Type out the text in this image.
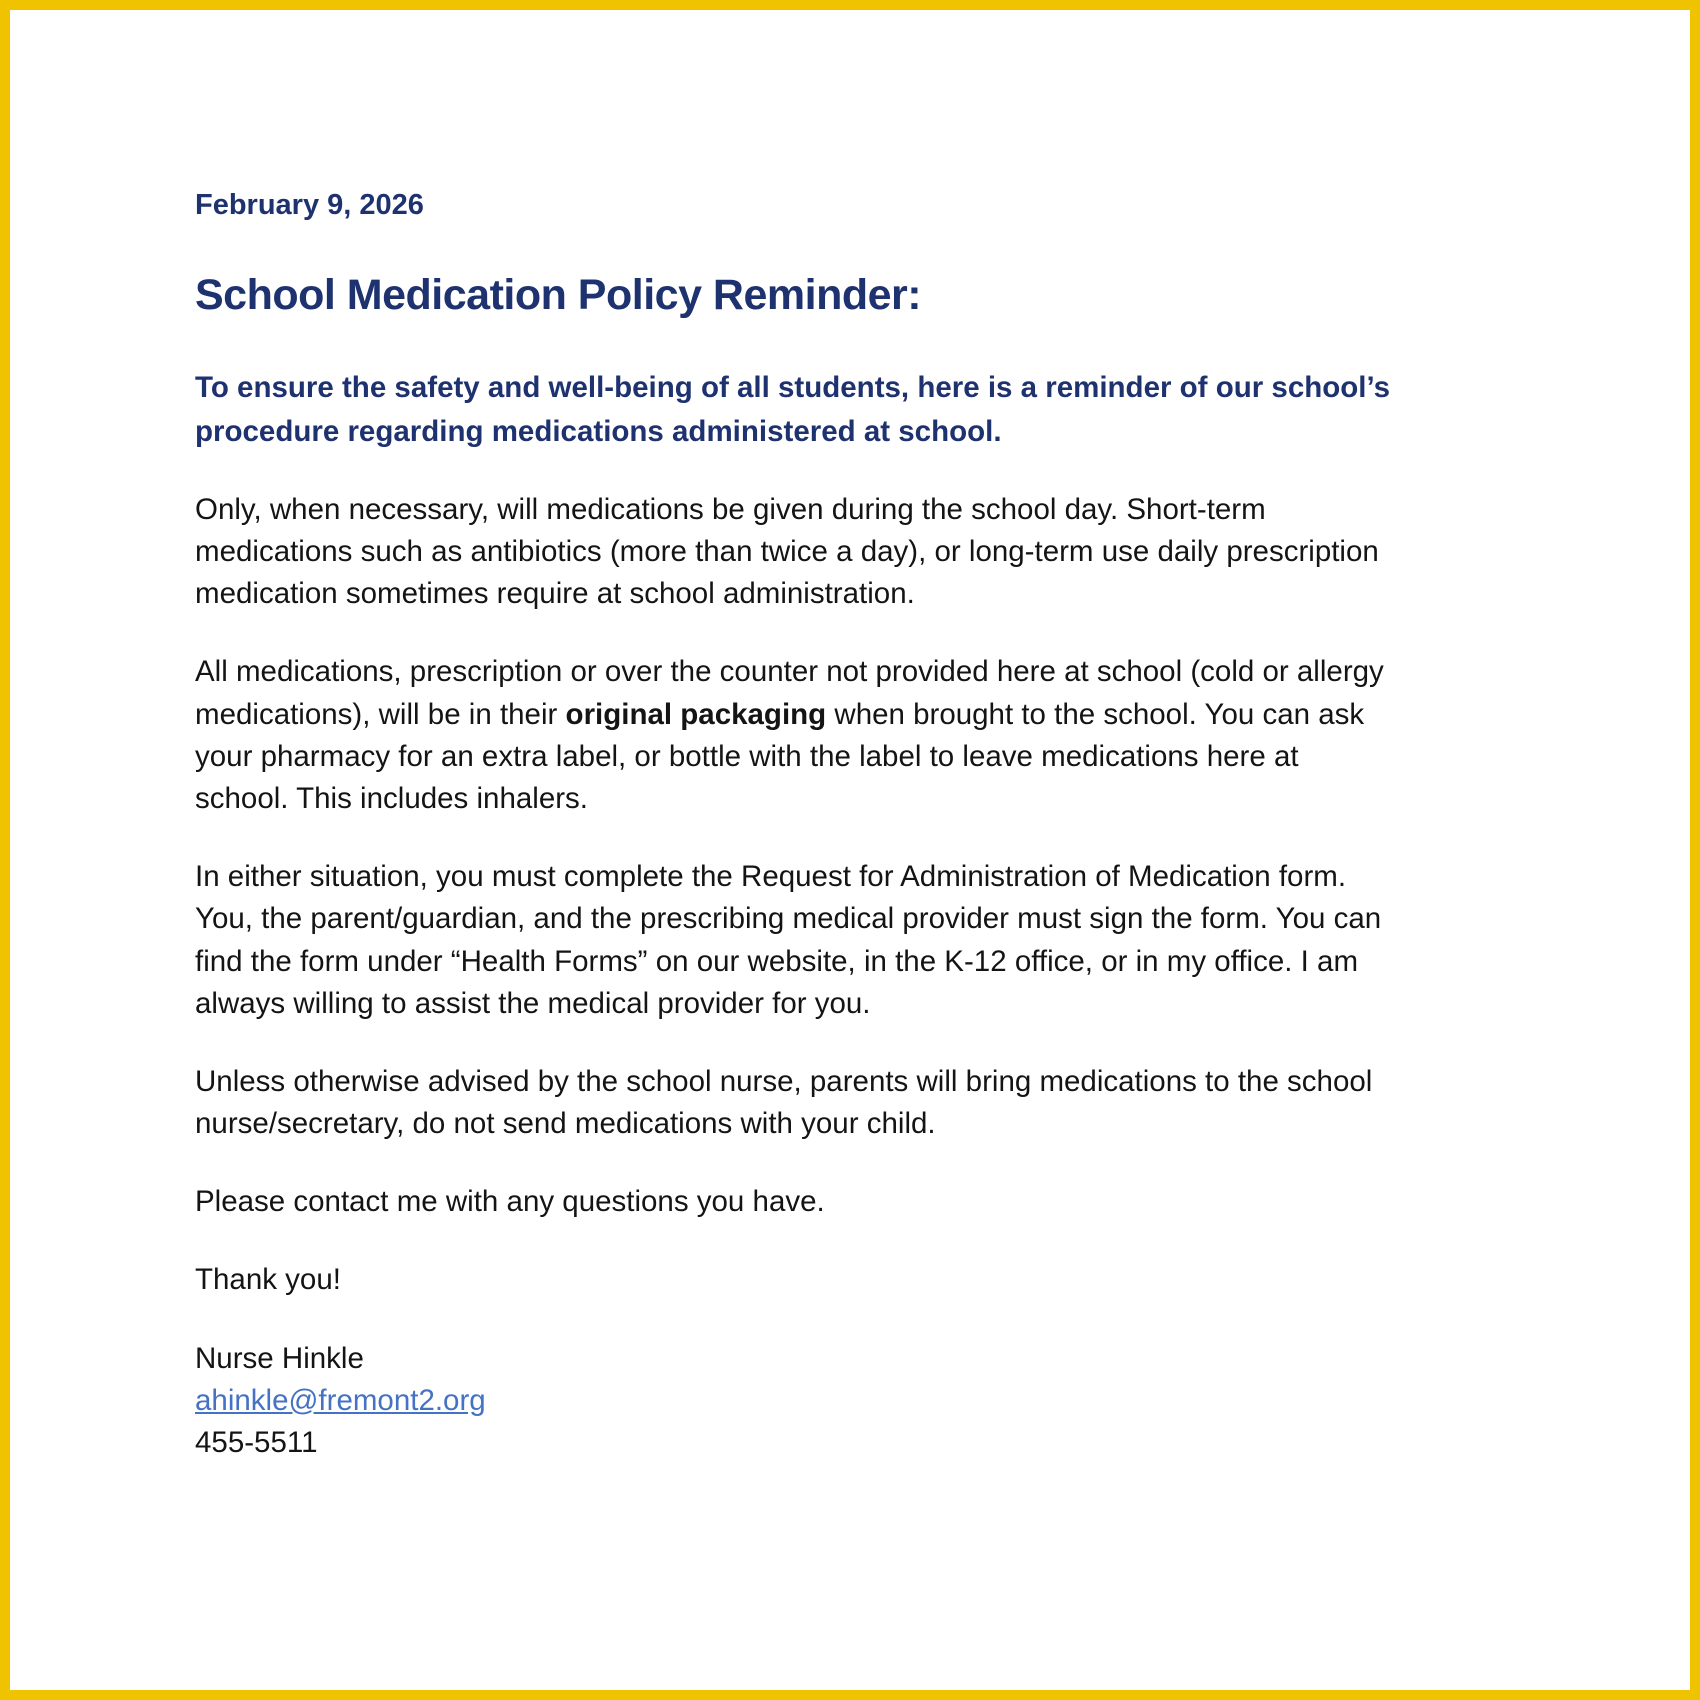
February 9, 2026

School Medication Policy Reminder:

To ensure the safety and well-being of all students, here is a reminder of our school’s procedure regarding medications administered at school.

Only, when necessary, will medications be given during the school day. Short-term medications such as antibiotics (more than twice a day), or long-term use daily prescription medication sometimes require at school administration.

All medications, prescription or over the counter not provided here at school (cold or allergy medications), will be in their original packaging when brought to the school. You can ask your pharmacy for an extra label, or bottle with the label to leave medications here at school. This includes inhalers.

In either situation, you must complete the Request for Administration of Medication form. You, the parent/guardian, and the prescribing medical provider must sign the form. You can find the form under “Health Forms” on our website, in the K-12 office, or in my office. I am always willing to assist the medical provider for you.

Unless otherwise advised by the school nurse, parents will bring medications to the school nurse/secretary, do not send medications with your child.

Please contact me with any questions you have.

Thank you!

Nurse Hinkle
ahinkle@fremont2.org
455-5511
